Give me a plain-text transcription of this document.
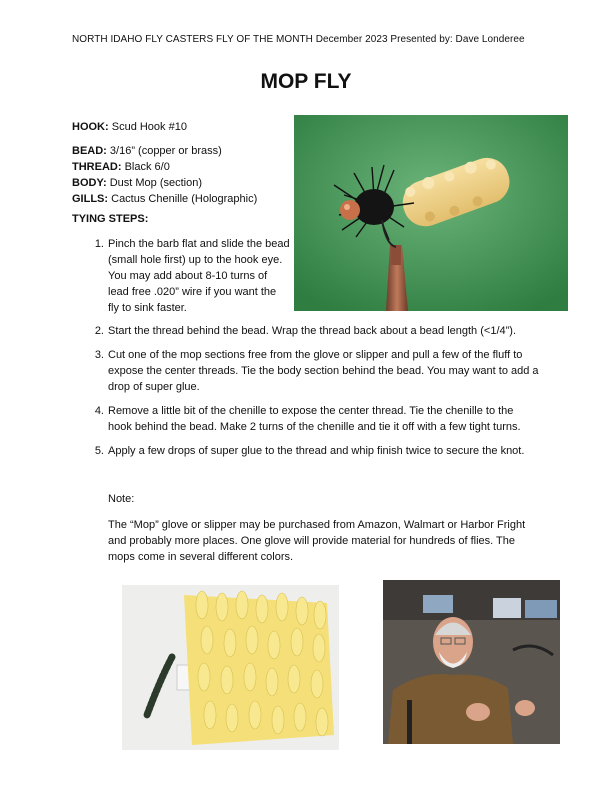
NORTH IDAHO FLY CASTERS FLY OF THE MONTH December 2023 Presented by: Dave Londeree
MOP FLY
HOOK: Scud Hook #10
BEAD: 3/16” (copper or brass)
THREAD: Black 6/0
BODY: Dust Mop (section)
GILLS: Cactus Chenille (Holographic)
TYING STEPS:
1. Pinch the barb flat and slide the bead
(small hole first) up to the hook eye.
You may add about 8-10 turns of
lead free .020” wire if you want the
fly to sink faster.
2. Start the thread behind the bead. Wrap the thread back about a bead length (<1/4”).
3. Cut one of the mop sections free from the glove or slipper and pull a few of the fluff to
expose the center threads. Tie the body section behind the bead. You may want to add a
drop of super glue.
4. Remove a little bit of the chenille to expose the center thread. Tie the chenille to the
hook behind the bead. Make 2 turns of the chenille and tie it off with a few tight turns.
5. Apply a few drops of super glue to the thread and whip finish twice to secure the knot.
Note:
The “Mop” glove or slipper may be purchased from Amazon, Walmart or Harbor Fright
and probably more places. One glove will provide material for hundreds of flies. The
mops come in several different colors.
